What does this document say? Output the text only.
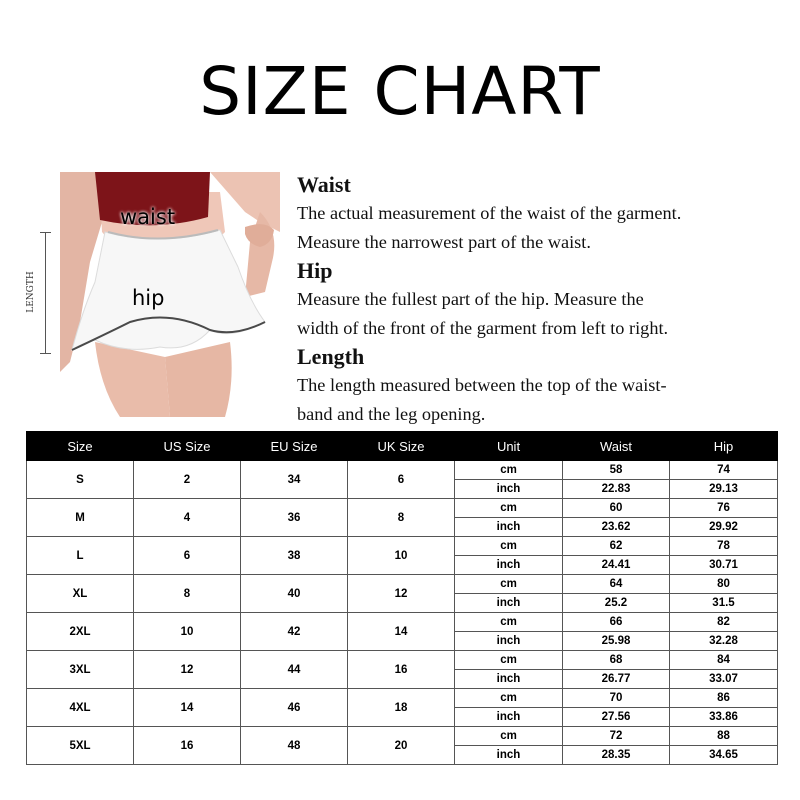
SIZE CHART
waist
hip
LENGTH
Waist

The actual measurement of the waist of the garment.

Measure the narrowest part of the waist.

Hip

Measure the fullest part of the hip. Measure the

width of the front of the garment from left to right.

Length

The length measured between the top of the waist-

band and the leg opening.

Size	US Size	EU Size	UK Size	Unit	Waist	Hip
S	2	34	6	cm	58	74
				inch	22.83	29.13
M	4	36	8	cm	60	76
				inch	23.62	29.92
L	6	38	10	cm	62	78
				inch	24.41	30.71
XL	8	40	12	cm	64	80
				inch	25.2	31.5
2XL	10	42	14	cm	66	82
				inch	25.98	32.28
3XL	12	44	16	cm	68	84
				inch	26.77	33.07
4XL	14	46	18	cm	70	86
				inch	27.56	33.86
5XL	16	48	20	cm	72	88
				inch	28.35	34.65
